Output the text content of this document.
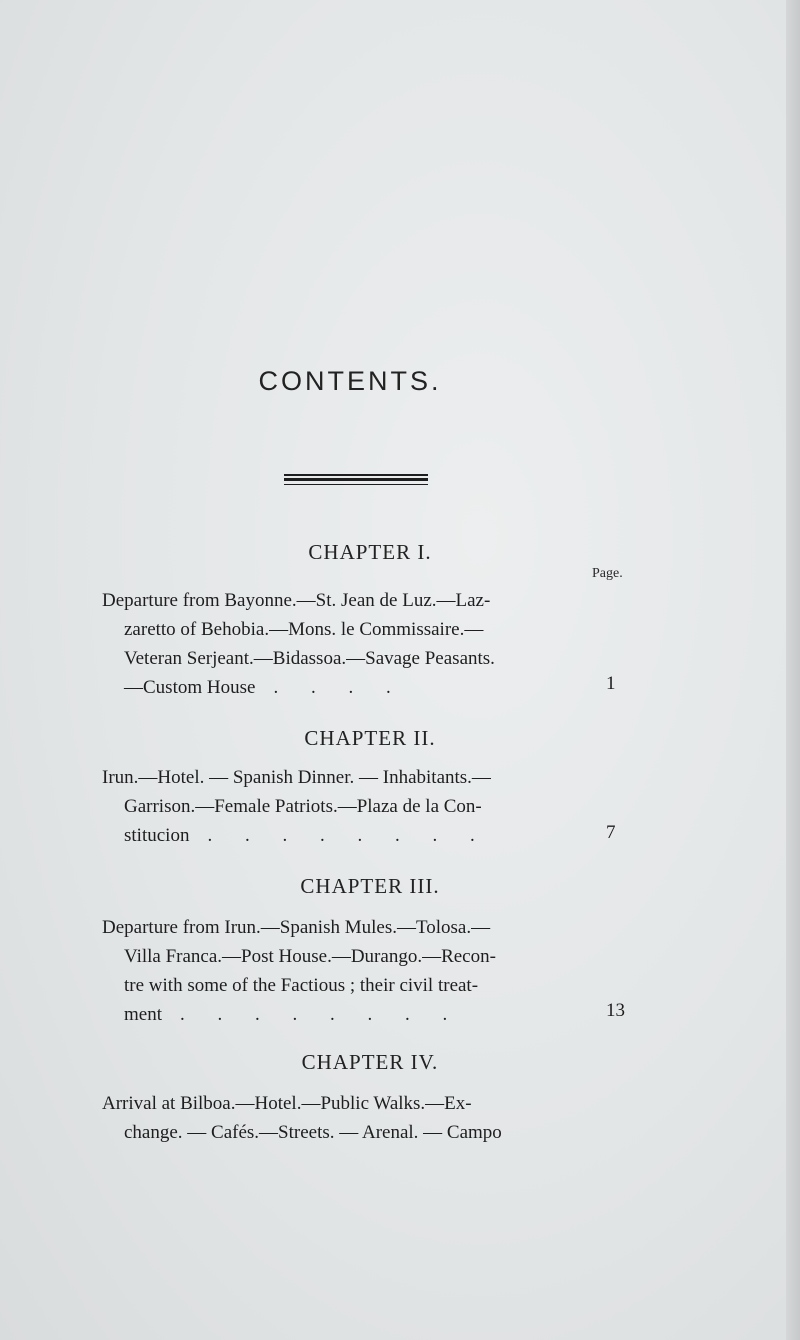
CONTENTS.
CHAPTER I.
Page.
Departure from Bayonne.—St. Jean de Luz.—Laz-
zaretto of Behobia.—Mons. le Commissaire.—
Veteran Serjeant.—Bidassoa.—Savage Peasants.
—Custom House . . . .	1
CHAPTER II.
Irun.—Hotel. — Spanish Dinner. — Inhabitants.—
Garrison.—Female Patriots.—Plaza de la Con-
stitucion . . . . . . . .	7
CHAPTER III.
Departure from Irun.—Spanish Mules.—Tolosa.—
Villa Franca.—Post House.—Durango.—Recon-
tre with some of the Factious ; their civil treat-
ment . . . . . . . .	13
CHAPTER IV.
Arrival at Bilboa.—Hotel.—Public Walks.—Ex-
change. — Cafés.—Streets. — Arenal. — Campo
